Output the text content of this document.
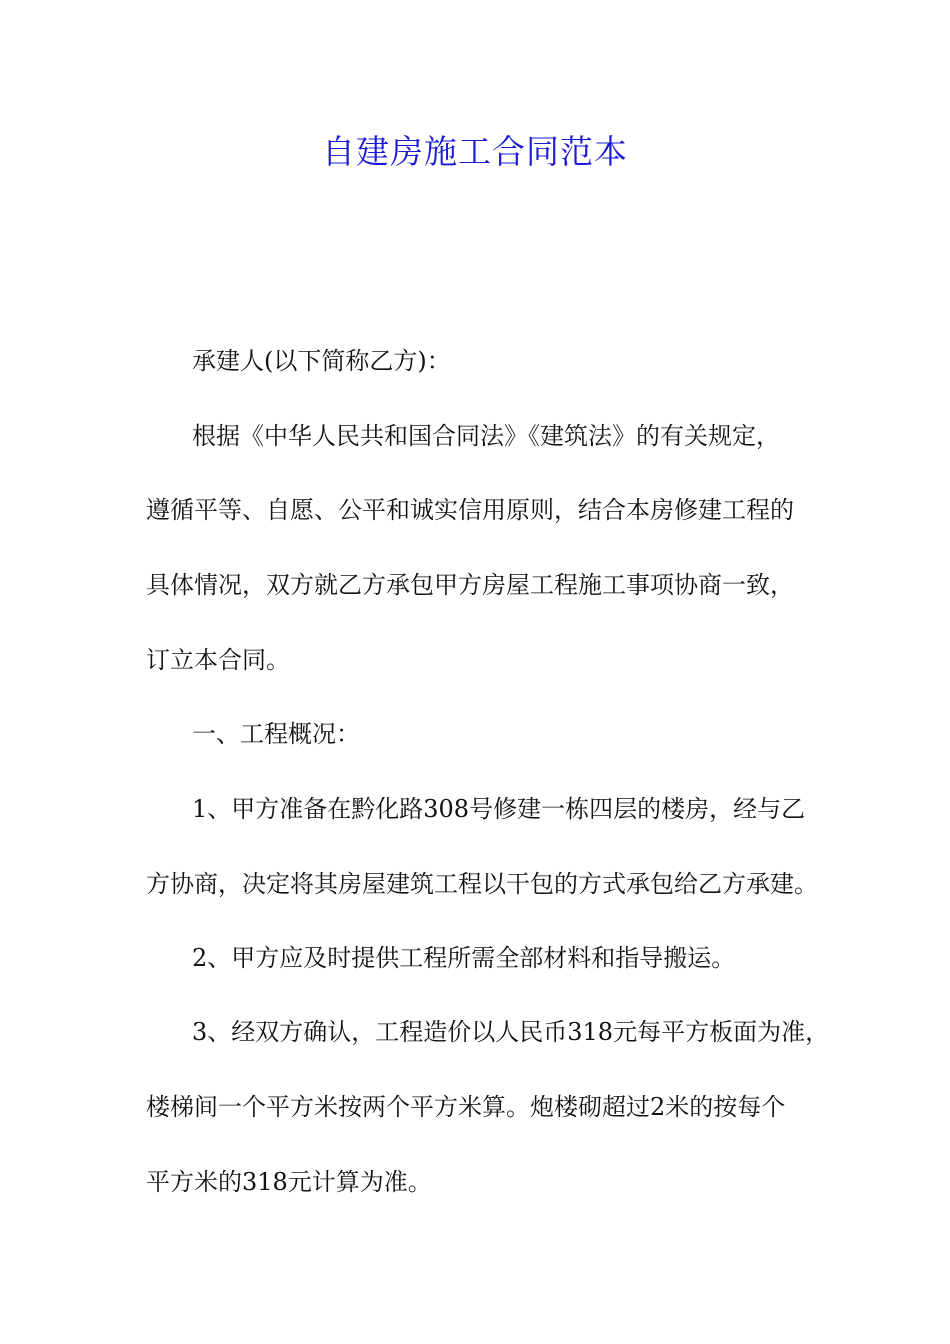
自建房施工合同范本
承建人(以下简称乙方)：
根据《中华人民共和国合同法》《建筑法》的有关规定，
遵循平等、自愿、公平和诚实信用原则，结合本房修建工程的
具体情况，双方就乙方承包甲方房屋工程施工事项协商一致，
订立本合同。
一、工程概况：
1、甲方准备在黔化路308号修建一栋四层的楼房，经与乙
方协商，决定将其房屋建筑工程以干包的方式承包给乙方承建。
2、甲方应及时提供工程所需全部材料和指导搬运。
3、经双方确认，工程造价以人民币318元每平方板面为准，
楼梯间一个平方米按两个平方米算。炮楼砌超过2米的按每个
平方米的318元计算为准。
